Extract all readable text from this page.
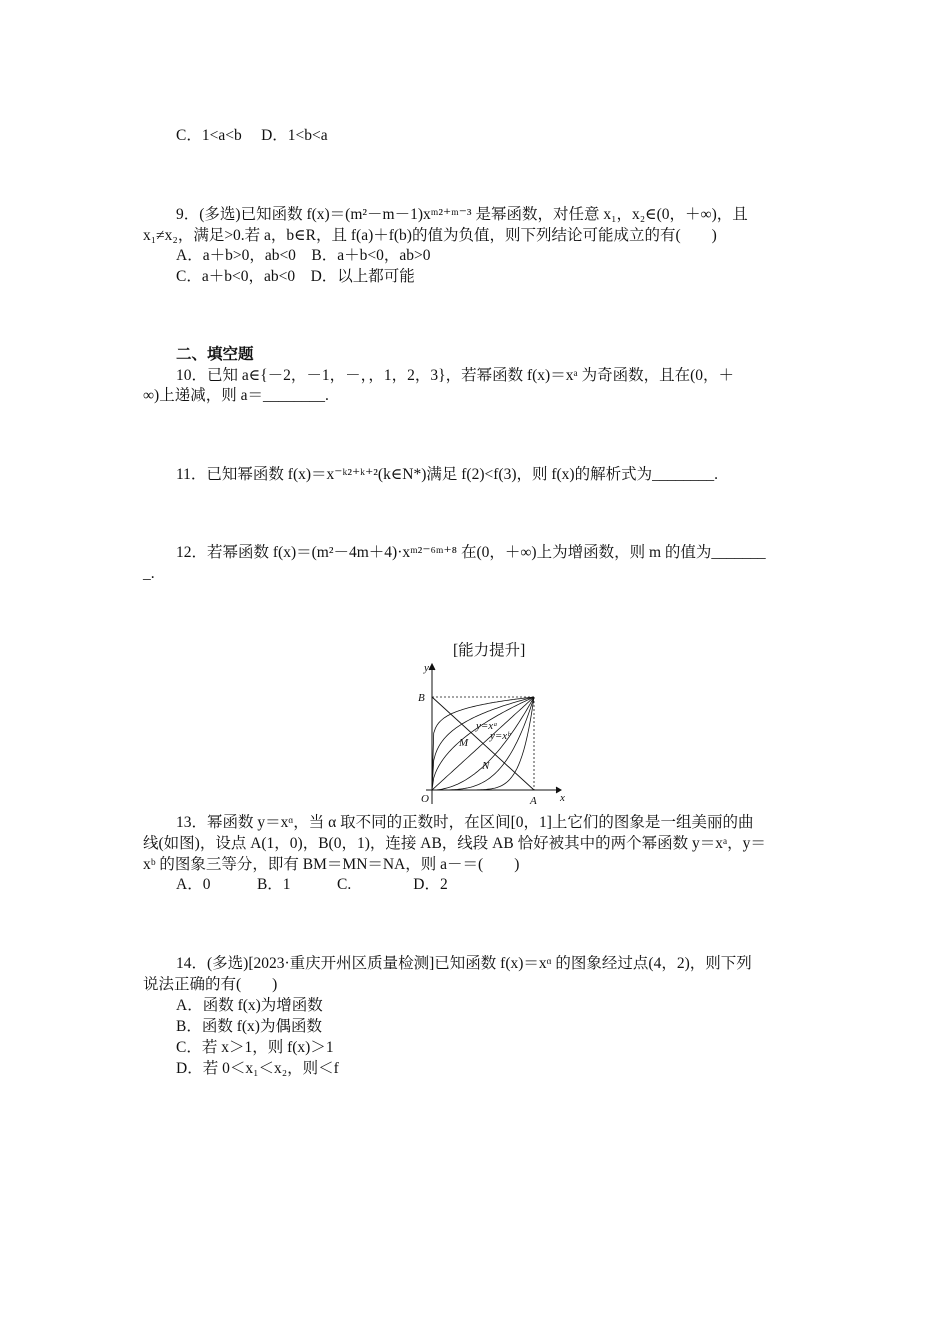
C．1<a<b　 D．1<b<a
9．(多选)已知函数 f(x)＝(m²－m－1)xᵐ²⁺ᵐ⁻³ 是幂函数，对任意 x₁，x₂∈(0，＋∞)，且
x₁≠x₂，满足>0.若 a，b∈R，且 f(a)＋f(b)的值为负值，则下列结论可能成立的有(　　)
A．a＋b>0，ab<0　B．a＋b<0，ab>0
C．a＋b<0，ab<0　D．以上都可能
二、填空题
10．已知 a∈{－2，－1，－，，1，2，3}，若幂函数 f(x)＝xᵃ 为奇函数，且在(0，＋
∞)上递减，则 a＝________.
11．已知幂函数 f(x)＝x⁻ᵏ²⁺ᵏ⁺²(k∈N*)满足 f(2)<f(3)，则 f(x)的解析式为________.
12．若幂函数 f(x)＝(m²－4m＋4)·xᵐ²⁻⁶ᵐ⁺⁸ 在(0，＋∞)上为增函数，则 m 的值为_______
_.
[能力提升]
y
x
O	A
B
M
N
y=xᵃ
y=xᵇ
13．幂函数 y＝xᵅ，当 α 取不同的正数时，在区间[0，1]上它们的图象是一组美丽的曲
线(如图)，设点 A(1，0)，B(0，1)，连接 AB，线段 AB 恰好被其中的两个幂函数 y＝xᵃ，y＝
xᵇ 的图象三等分，即有 BM＝MN＝NA，则 a－＝(　　)
A．0　　　B．1　　　C.　　　　D．2
14．(多选)[2023·重庆开州区质量检测]已知函数 f(x)＝xᵅ 的图象经过点(4，2)，则下列
说法正确的有(　　)
A．函数 f(x)为增函数
B．函数 f(x)为偶函数
C．若 x＞1，则 f(x)＞1
D．若 0＜x₁＜x₂，则＜f
